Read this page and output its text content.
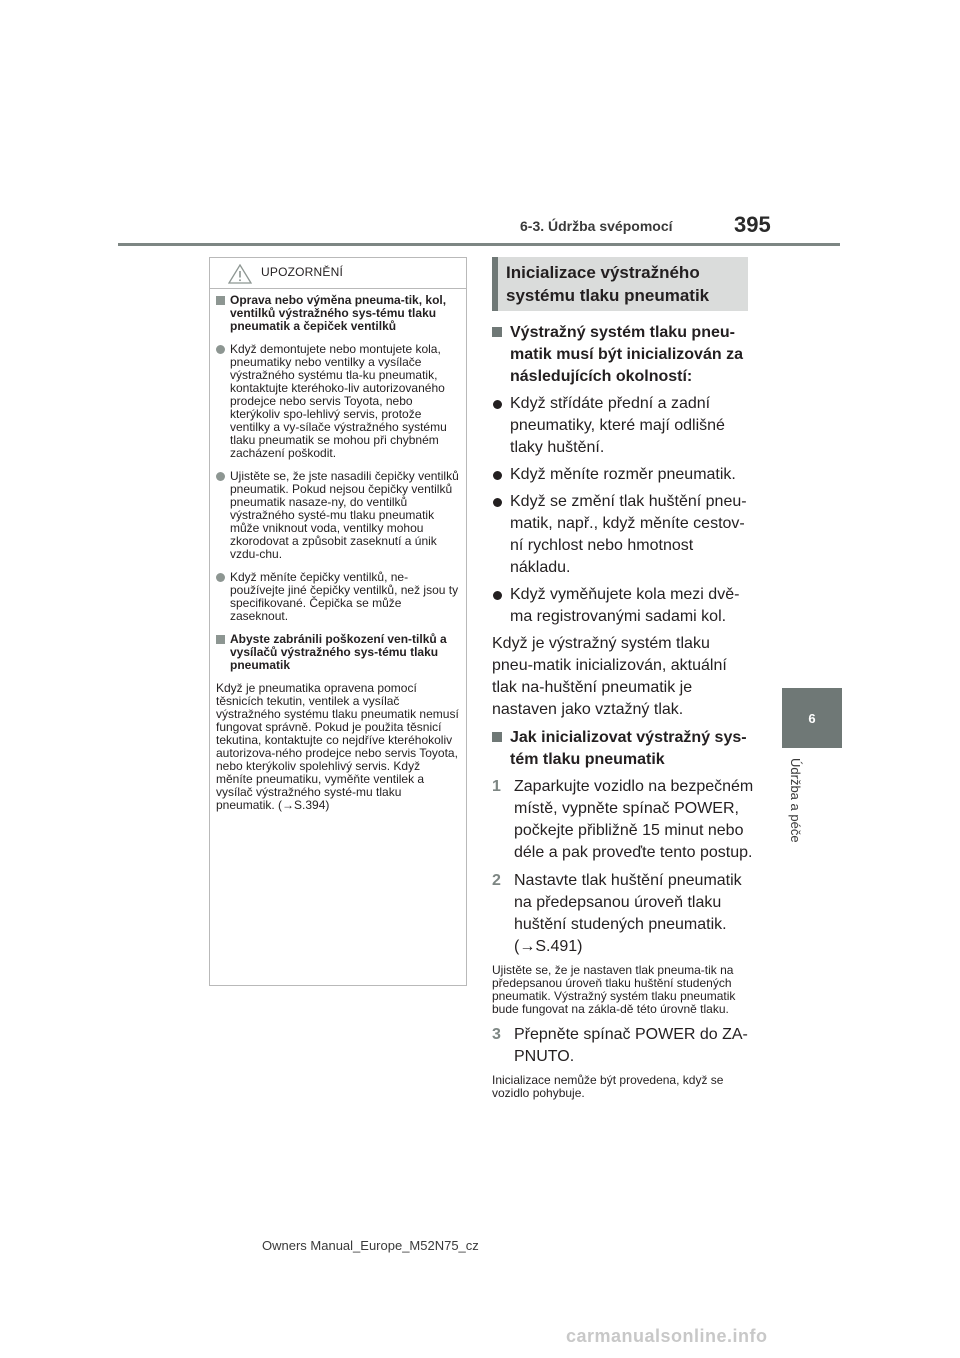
6-3. Údržba svépomocí	395
6
Údržba a péče
UPOZORNĚNÍ
Oprava nebo výměna pneuma-tik, kol, ventilků výstražného sys-tému tlaku pneumatik a čepiček ventilků
Když demontujete nebo montujete kola, pneumatiky nebo ventilky a vysílače výstražného systému tla-ku pneumatik, kontaktujte kteréhoko-liv autorizovaného prodejce nebo servis Toyota, nebo kterýkoliv spo-lehlivý servis, protože ventilky a vy-sílače výstražného systému tlaku pneumatik se mohou při chybném zacházení poškodit.
Ujistěte se, že jste nasadili čepičky ventilků pneumatik. Pokud nejsou čepičky ventilků pneumatik nasaze-ny, do ventilků výstražného systé-mu tlaku pneumatik může vniknout voda, ventilky mohou zkorodovat a způsobit zaseknutí a únik vzdu-chu.
Když měníte čepičky ventilků, ne-používejte jiné čepičky ventilků, než jsou ty specifikované. Čepička se může zaseknout.
Abyste zabránili poškození ven-tilků a vysílačů výstražného sys-tému tlaku pneumatik
Když je pneumatika opravena pomocí těsnicích tekutin, ventilek a vysílač výstražného systému tlaku pneumatik nemusí fungovat správně. Pokud je použita těsnicí tekutina, kontaktujte co nejdříve kteréhokoliv autorizova-ného prodejce nebo servis Toyota, nebo kterýkoliv spolehlivý servis. Když měníte pneumatiku, vyměňte ventilek a vysílač výstražného systé-mu tlaku pneumatik. (→S.394)
Inicializace výstražného systému tlaku pneumatik
Výstražný systém tlaku pneu-matik musí být inicializován za následujících okolností:
Když střídáte přední a zadní pneumatiky, které mají odlišné tlaky huštění.
Když měníte rozměr pneumatik.
Když se změní tlak huštění pneu-matik, např., když měníte cestov-ní rychlost nebo hmotnost nákladu.
Když vyměňujete kola mezi dvě-ma registrovanými sadami kol.
Když je výstražný systém tlaku pneu-matik inicializován, aktuální tlak na-huštění pneumatik je nastaven jako vztažný tlak.
Jak inicializovat výstražný sys-tém tlaku pneumatik
1 Zaparkujte vozidlo na bezpečném místě, vypněte spínač POWER, počkejte přibližně 15 minut nebo déle a pak proveďte tento postup.
2 Nastavte tlak huštění pneumatik na předepsanou úroveň tlaku huštění studených pneumatik. (→S.491)
Ujistěte se, že je nastaven tlak pneuma-tik na předepsanou úroveň tlaku huštění studených pneumatik. Výstražný systém tlaku pneumatik bude fungovat na zákla-dě této úrovně tlaku.
3 Přepněte spínač POWER do ZA-PNUTO.
Inicializace nemůže být provedena, když se vozidlo pohybuje.
Owners Manual_Europe_M52N75_cz
carmanualsonline.info
